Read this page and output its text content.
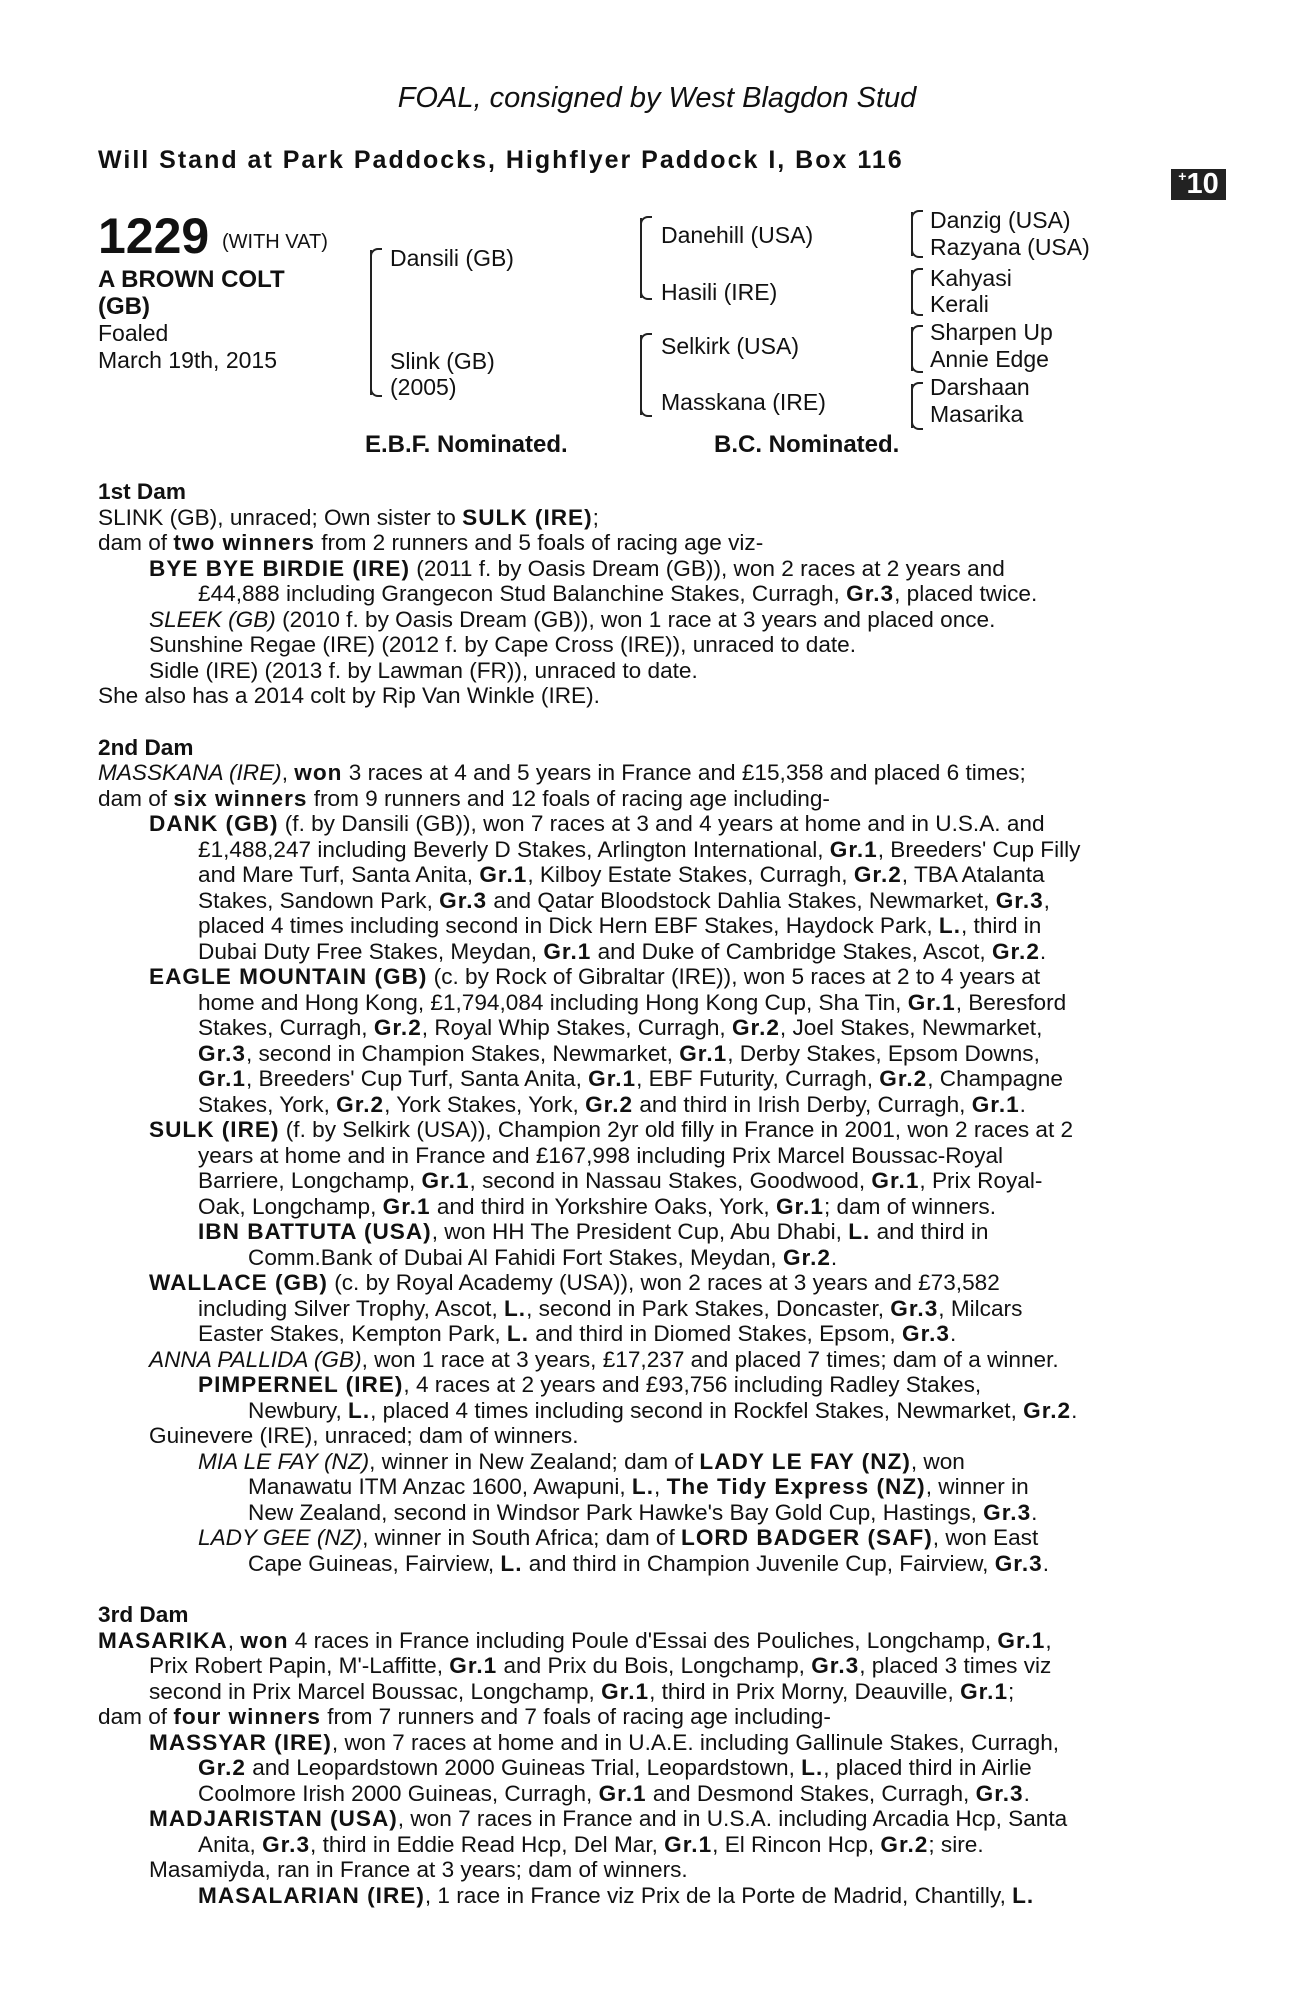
FOAL, consigned by West Blagdon Stud
Will Stand at Park Paddocks, Highflyer Paddock I, Box 116
+10
1229 (WITH VAT)
A BROWN COLT
(GB)
Foaled
March 19th, 2015
Dansili (GB)
Slink (GB)
(2005)
Danehill (USA)
Hasili (IRE)
Selkirk (USA)
Masskana (IRE)
Danzig (USA)
Razyana (USA)
Kahyasi
Kerali
Sharpen Up
Annie Edge
Darshaan
Masarika
E.B.F. Nominated.	B.C. Nominated.

1st Dam

SLINK (GB), unraced; Own sister to SULK (IRE);

dam of two winners from 2 runners and 5 foals of racing age viz-

BYE BYE BIRDIE (IRE) (2011 f. by Oasis Dream (GB)), won 2 races at 2 years and

£44,888 including Grangecon Stud Balanchine Stakes, Curragh, Gr.3, placed twice.

SLEEK (GB) (2010 f. by Oasis Dream (GB)), won 1 race at 3 years and placed once.

Sunshine Regae (IRE) (2012 f. by Cape Cross (IRE)), unraced to date.

Sidle (IRE) (2013 f. by Lawman (FR)), unraced to date.

She also has a 2014 colt by Rip Van Winkle (IRE).

2nd Dam

MASSKANA (IRE), won 3 races at 4 and 5 years in France and £15,358 and placed 6 times;

dam of six winners from 9 runners and 12 foals of racing age including-

DANK (GB) (f. by Dansili (GB)), won 7 races at 3 and 4 years at home and in U.S.A. and

£1,488,247 including Beverly D Stakes, Arlington International, Gr.1, Breeders' Cup Filly

and Mare Turf, Santa Anita, Gr.1, Kilboy Estate Stakes, Curragh, Gr.2, TBA Atalanta

Stakes, Sandown Park, Gr.3 and Qatar Bloodstock Dahlia Stakes, Newmarket, Gr.3,

placed 4 times including second in Dick Hern EBF Stakes, Haydock Park, L., third in

Dubai Duty Free Stakes, Meydan, Gr.1 and Duke of Cambridge Stakes, Ascot, Gr.2.

EAGLE MOUNTAIN (GB) (c. by Rock of Gibraltar (IRE)), won 5 races at 2 to 4 years at

home and Hong Kong, £1,794,084 including Hong Kong Cup, Sha Tin, Gr.1, Beresford

Stakes, Curragh, Gr.2, Royal Whip Stakes, Curragh, Gr.2, Joel Stakes, Newmarket,

Gr.3, second in Champion Stakes, Newmarket, Gr.1, Derby Stakes, Epsom Downs,

Gr.1, Breeders' Cup Turf, Santa Anita, Gr.1, EBF Futurity, Curragh, Gr.2, Champagne

Stakes, York, Gr.2, York Stakes, York, Gr.2 and third in Irish Derby, Curragh, Gr.1.

SULK (IRE) (f. by Selkirk (USA)), Champion 2yr old filly in France in 2001, won 2 races at 2

years at home and in France and £167,998 including Prix Marcel Boussac-Royal

Barriere, Longchamp, Gr.1, second in Nassau Stakes, Goodwood, Gr.1, Prix Royal-

Oak, Longchamp, Gr.1 and third in Yorkshire Oaks, York, Gr.1; dam of winners.

IBN BATTUTA (USA), won HH The President Cup, Abu Dhabi, L. and third in

Comm.Bank of Dubai Al Fahidi Fort Stakes, Meydan, Gr.2.

WALLACE (GB) (c. by Royal Academy (USA)), won 2 races at 3 years and £73,582

including Silver Trophy, Ascot, L., second in Park Stakes, Doncaster, Gr.3, Milcars

Easter Stakes, Kempton Park, L. and third in Diomed Stakes, Epsom, Gr.3.

ANNA PALLIDA (GB), won 1 race at 3 years, £17,237 and placed 7 times; dam of a winner.

PIMPERNEL (IRE), 4 races at 2 years and £93,756 including Radley Stakes,

Newbury, L., placed 4 times including second in Rockfel Stakes, Newmarket, Gr.2.

Guinevere (IRE), unraced; dam of winners.

MIA LE FAY (NZ), winner in New Zealand; dam of LADY LE FAY (NZ), won

Manawatu ITM Anzac 1600, Awapuni, L., The Tidy Express (NZ), winner in

New Zealand, second in Windsor Park Hawke's Bay Gold Cup, Hastings, Gr.3.

LADY GEE (NZ), winner in South Africa; dam of LORD BADGER (SAF), won East

Cape Guineas, Fairview, L. and third in Champion Juvenile Cup, Fairview, Gr.3.

3rd Dam

MASARIKA, won 4 races in France including Poule d'Essai des Pouliches, Longchamp, Gr.1,

Prix Robert Papin, M'-Laffitte, Gr.1 and Prix du Bois, Longchamp, Gr.3, placed 3 times viz

second in Prix Marcel Boussac, Longchamp, Gr.1, third in Prix Morny, Deauville, Gr.1;

dam of four winners from 7 runners and 7 foals of racing age including-

MASSYAR (IRE), won 7 races at home and in U.A.E. including Gallinule Stakes, Curragh,

Gr.2 and Leopardstown 2000 Guineas Trial, Leopardstown, L., placed third in Airlie

Coolmore Irish 2000 Guineas, Curragh, Gr.1 and Desmond Stakes, Curragh, Gr.3.

MADJARISTAN (USA), won 7 races in France and in U.S.A. including Arcadia Hcp, Santa

Anita, Gr.3, third in Eddie Read Hcp, Del Mar, Gr.1, El Rincon Hcp, Gr.2; sire.

Masamiyda, ran in France at 3 years; dam of winners.

MASALARIAN (IRE), 1 race in France viz Prix de la Porte de Madrid, Chantilly, L.
